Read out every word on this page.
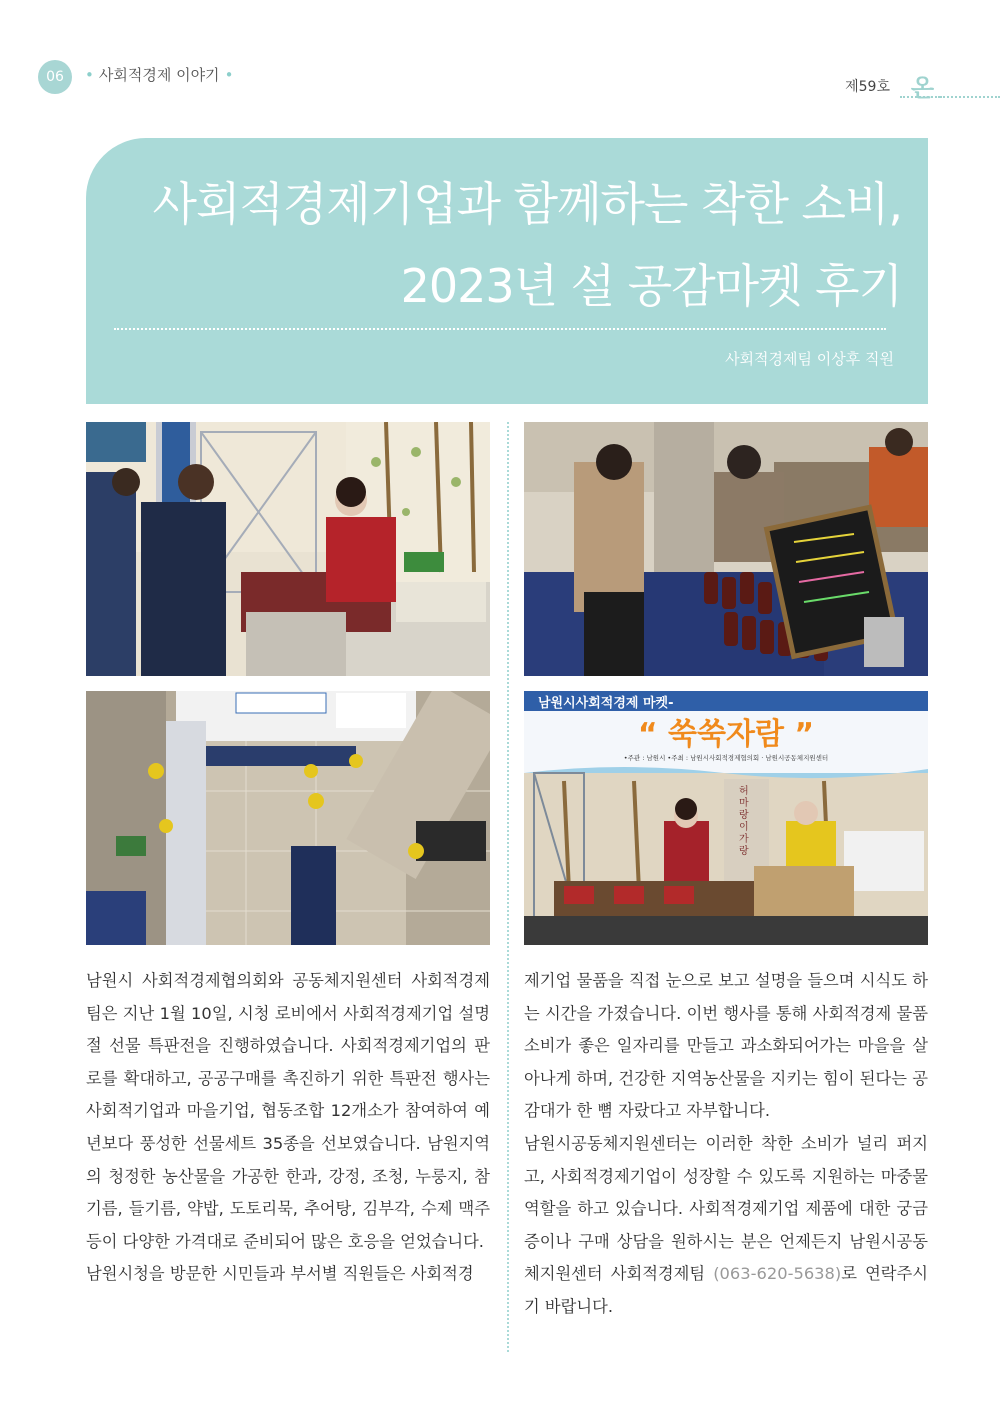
06	• 사회적경제 이야기 •
제59호 온
사회적경제기업과 함께하는 착한 소비,
2023년 설 공감마켓 후기
사회적경제팀 이상후 직원
남원시사회적경제 마켓-
“ 쑥쑥자람 ”
•주관 : 남원시 •주최 : 남원시사회적경제협의회 · 남원시공동체지원센터
허마랑이가랑

남원시 사회적경제협의회와 공동체지원센터 사회적경제팀은 지난 1월 10일, 시청 로비에서 사회적경제기업 설명절 선물 특판전을 진행하였습니다. 사회적경제기업의 판로를 확대하고, 공공구매를 촉진하기 위한 특판전 행사는 사회적기업과 마을기업, 협동조합 12개소가 참여하여 예년보다 풍성한 선물세트 35종을 선보였습니다. 남원지역의 청정한 농산물을 가공한 한과, 강정, 조청, 누룽지, 참기름, 들기름, 약밥, 도토리묵, 추어탕, 김부각, 수제 맥주 등이 다양한 가격대로 준비되어 많은 호응을 얻었습니다.

남원시청을 방문한 시민들과 부서별 직원들은 사회적경

제기업 물품을 직접 눈으로 보고 설명을 들으며 시식도 하는 시간을 가졌습니다. 이번 행사를 통해 사회적경제 물품 소비가 좋은 일자리를 만들고 과소화되어가는 마을을 살아나게 하며, 건강한 지역농산물을 지키는 힘이 된다는 공감대가 한 뼘 자랐다고 자부합니다.

남원시공동체지원센터는 이러한 착한 소비가 널리 퍼지고, 사회적경제기업이 성장할 수 있도록 지원하는 마중물 역할을 하고 있습니다. 사회적경제기업 제품에 대한 궁금증이나 구매 상담을 원하시는 분은 언제든지 남원시공동체지원센터 사회적경제팀 (063-620-5638)로 연락주시기 바랍니다.
